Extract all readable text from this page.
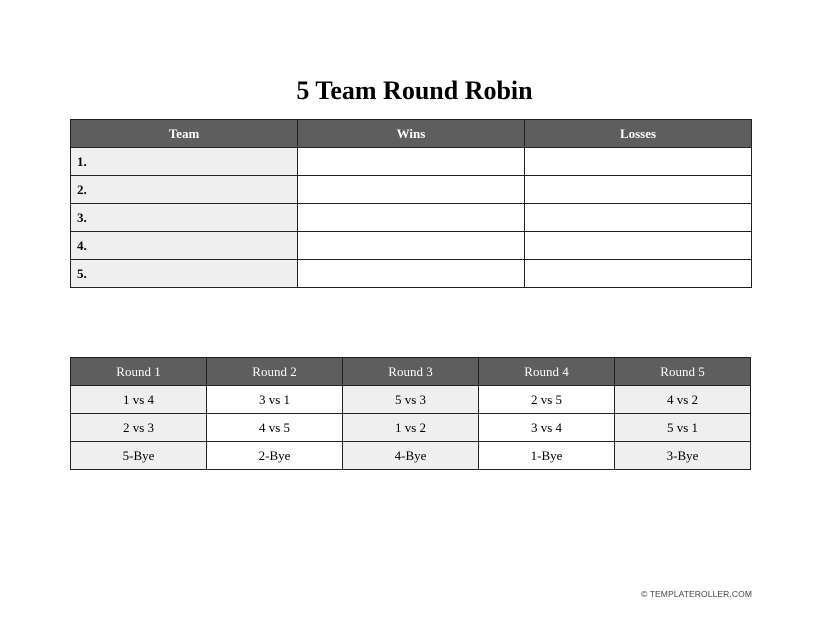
5 Team Round Robin
Team	Wins	Losses
1.		
2.		
3.		
4.		
5.		
Round 1	Round 2	Round 3	Round 4	Round 5
1 vs 4	3 vs 1	5 vs 3	2 vs 5	4 vs 2
2 vs 3	4 vs 5	1 vs 2	3 vs 4	5 vs 1
5-Bye	2-Bye	4-Bye	1-Bye	3-Bye
© TEMPLATEROLLER.COM
